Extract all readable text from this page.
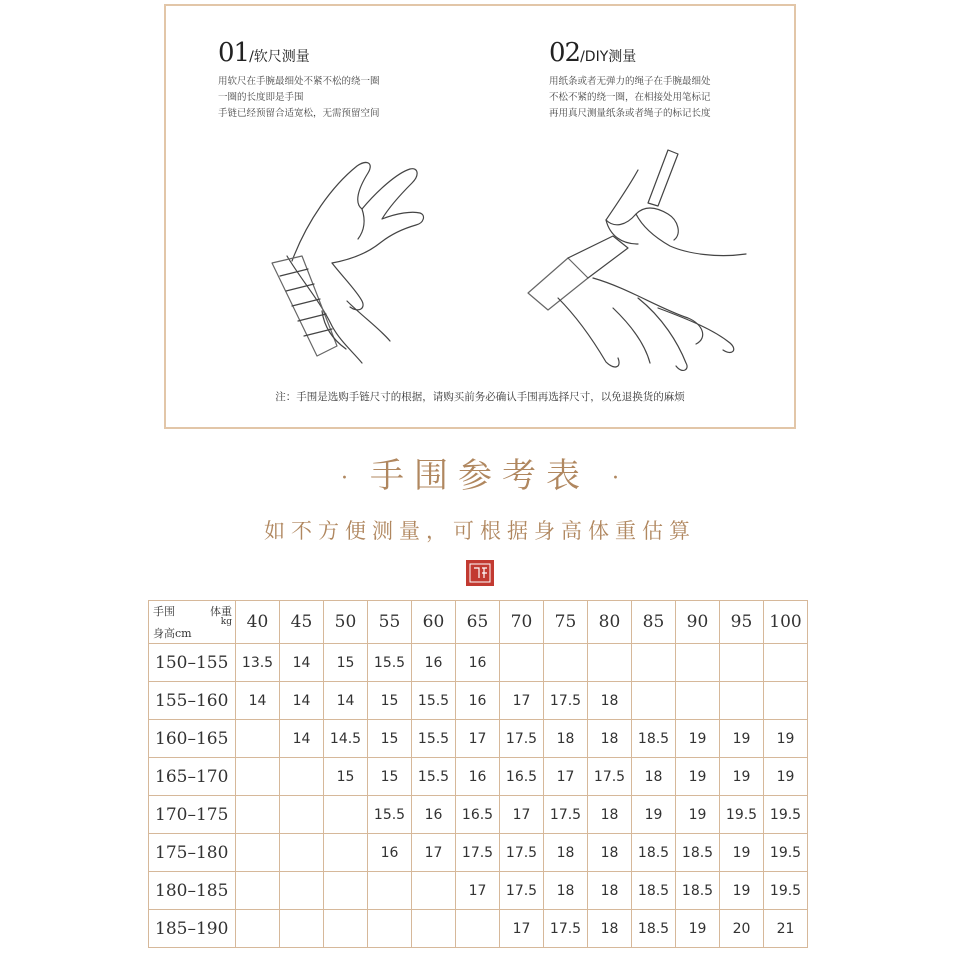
01/软尺测量
用软尺在手腕最细处不紧不松的绕一圈
一圈的长度即是手围
手链已经预留合适宽松，无需预留空间
02/DIY测量
用纸条或者无弹力的绳子在手腕最细处
不松不紧的绕一圈，在相接处用笔标记
再用真尺测量纸条或者绳子的标记长度
注：手围是选购手链尺寸的根据，请购买前务必确认手围再选择尺寸，以免退换货的麻烦
· 手围参考表 ·
如不方便测量，可根据身高体重估算
手围 体重
kg
身高cm	40	45	50	55	60	65	70	75	80	85	90	95	100
150–155	13.5	14	15	15.5	16	16							
155–160	14	14	14	15	15.5	16	17	17.5	18				
160–165		14	14.5	15	15.5	17	17.5	18	18	18.5	19	19	19
165–170			15	15	15.5	16	16.5	17	17.5	18	19	19	19
170–175				15.5	16	16.5	17	17.5	18	19	19	19.5	19.5
175–180				16	17	17.5	17.5	18	18	18.5	18.5	19	19.5
180–185						17	17.5	18	18	18.5	18.5	19	19.5
185–190							17	17.5	18	18.5	19	20	21
